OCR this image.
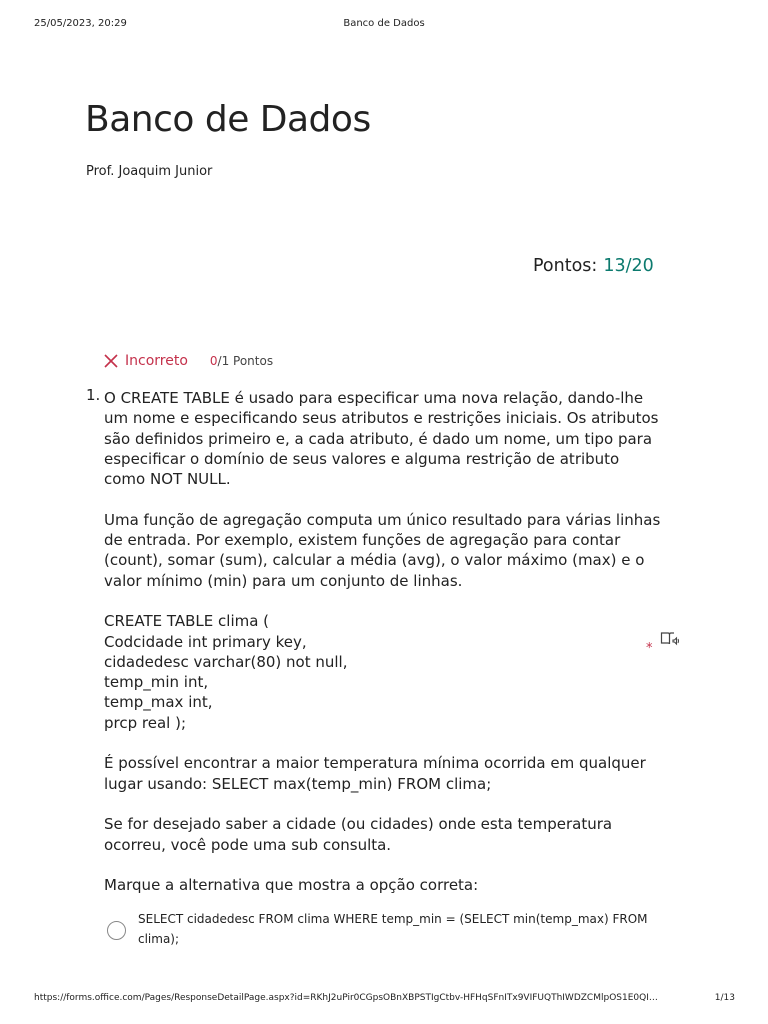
25/05/2023, 20:29	Banco de Dados
Banco de Dados
Prof. Joaquim Junior
Pontos: 13/20
Incorreto 0/1 Pontos
1. O CREATE TABLE é usado para especificar uma nova relação, dando-lhe

um nome e especificando seus atributos e restrições iniciais. Os atributos

são definidos primeiro e, a cada atributo, é dado um nome, um tipo para

especificar o domínio de seus valores e alguma restrição de atributo

como NOT NULL.

Uma função de agregação computa um único resultado para várias linhas

de entrada. Por exemplo, existem funções de agregação para contar

(count), somar (sum), calcular a média (avg), o valor máximo (max) e o

valor mínimo (min) para um conjunto de linhas.

CREATE TABLE clima (

Codcidade int primary key,

cidadedesc varchar(80) not null,

temp_min int,

temp_max int,

prcp real );

É possível encontrar a maior temperatura mínima ocorrida em qualquer

lugar usando: SELECT max(temp_min) FROM clima;

Se for desejado saber a cidade (ou cidades) onde esta temperatura

ocorreu, você pode uma sub consulta.

Marque a alternativa que mostra a opção correta:

*
SELECT cidadedesc FROM clima WHERE temp_min = (SELECT min(temp_max) FROM
clima);
https://forms.office.com/Pages/ResponseDetailPage.aspx?id=RKhJ2uPir0CGpsOBnXBPSTIgCtbv-HFHqSFnITx9VIFUQThIWDZCMlpOS1E0QI…	1/13
